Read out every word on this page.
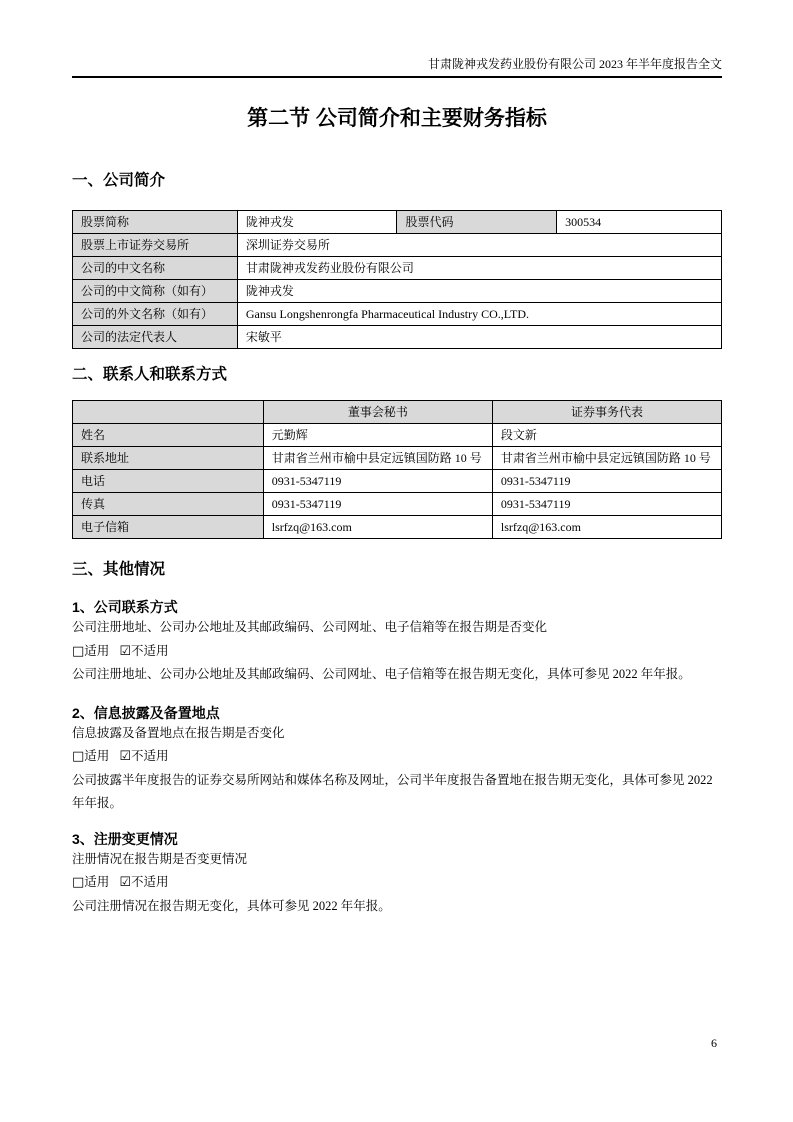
甘肃陇神戎发药业股份有限公司 2023 年半年度报告全文
第二节 公司简介和主要财务指标
一、公司简介
股票简称	陇神戎发	股票代码	300534
股票上市证券交易所	深圳证券交易所		
公司的中文名称	甘肃陇神戎发药业股份有限公司		
公司的中文简称（如有）	陇神戎发		
公司的外文名称（如有）	Gansu Longshenrongfa Pharmaceutical Industry CO.,LTD.		
公司的法定代表人	宋敏平		
二、联系人和联系方式
	董事会秘书	证券事务代表
姓名	元勤辉	段文新
联系地址	甘肃省兰州市榆中县定远镇国防路 10 号	甘肃省兰州市榆中县定远镇国防路 10 号
电话	0931-5347119	0931-5347119
传真	0931-5347119	0931-5347119
电子信箱	lsrfzq@163.com	lsrfzq@163.com
三、其他情况
1、公司联系方式

公司注册地址、公司办公地址及其邮政编码、公司网址、电子信箱等在报告期是否变化

□适用 ☑不适用

公司注册地址、公司办公地址及其邮政编码、公司网址、电子信箱等在报告期无变化，具体可参见 2022 年年报。

2、信息披露及备置地点

信息披露及备置地点在报告期是否变化

□适用 ☑不适用

公司披露半年度报告的证券交易所网站和媒体名称及网址，公司半年度报告备置地在报告期无变化，具体可参见 2022 年年报。

3、注册变更情况

注册情况在报告期是否变更情况

□适用 ☑不适用

公司注册情况在报告期无变化，具体可参见 2022 年年报。

6
